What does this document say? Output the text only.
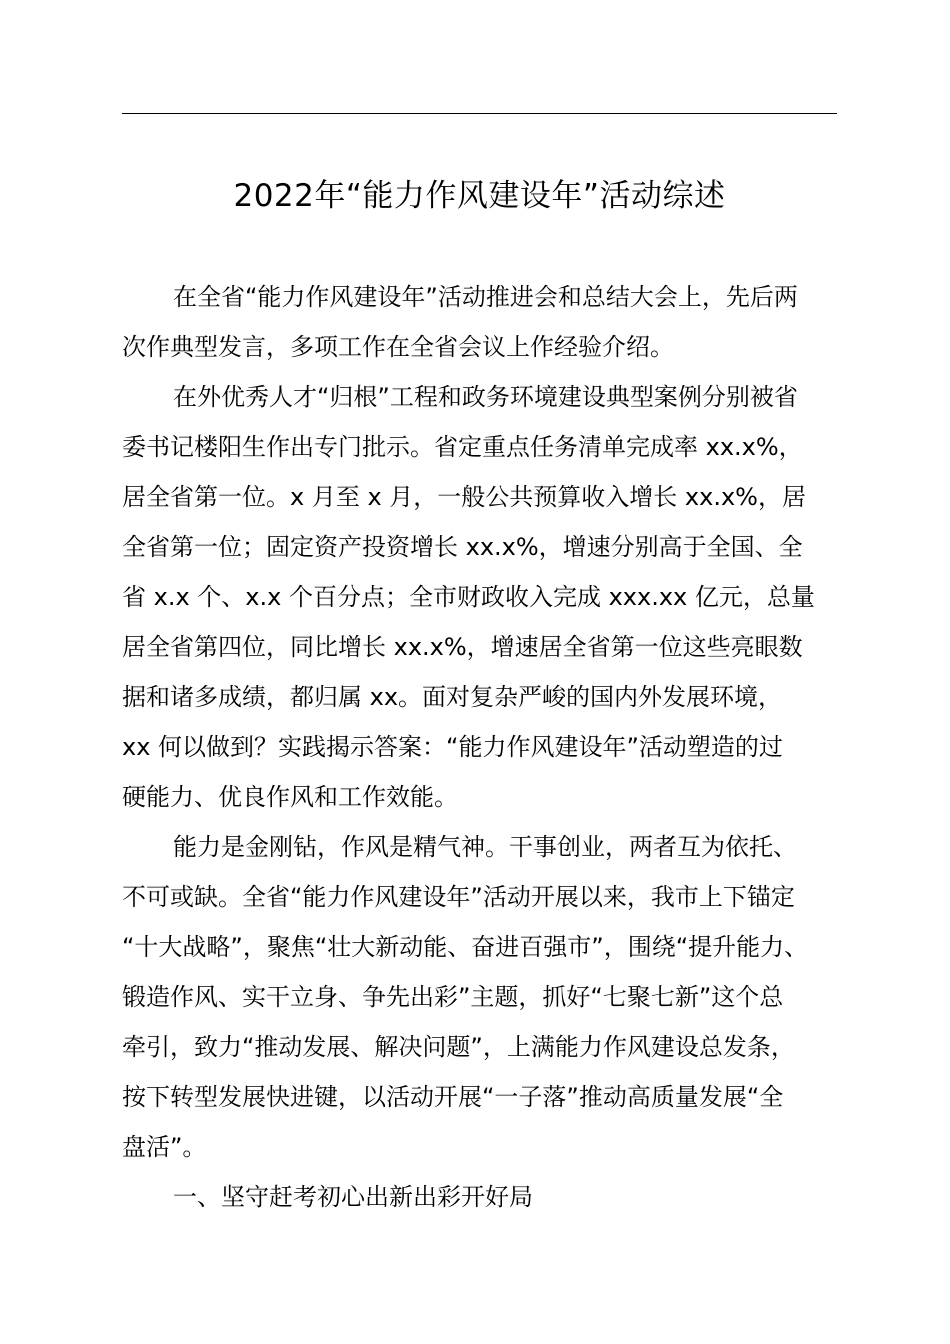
2022年“能力作风建设年”活动综述

在全省“能力作风建设年”活动推进会和总结大会上，先后两
次作典型发言，多项工作在全省会议上作经验介绍。

在外优秀人才“归根”工程和政务环境建设典型案例分别被省
委书记楼阳生作出专门批示。省定重点任务清单完成率 xx.x%，
居全省第一位。x 月至 x 月，一般公共预算收入增长 xx.x%，居
全省第一位；固定资产投资增长 xx.x%，增速分别高于全国、全
省 x.x 个、x.x 个百分点；全市财政收入完成 xxx.xx 亿元，总量
居全省第四位，同比增长 xx.x%，增速居全省第一位这些亮眼数
据和诸多成绩，都归属 xx。面对复杂严峻的国内外发展环境，
xx 何以做到？实践揭示答案：“能力作风建设年”活动塑造的过
硬能力、优良作风和工作效能。

能力是金刚钻，作风是精气神。干事创业，两者互为依托、
不可或缺。全省“能力作风建设年”活动开展以来，我市上下锚定
“十大战略”，聚焦“壮大新动能、奋进百强市”，围绕“提升能力、
锻造作风、实干立身、争先出彩”主题，抓好“七聚七新”这个总
牵引，致力“推动发展、解决问题”，上满能力作风建设总发条，
按下转型发展快进键，以活动开展“一子落”推动高质量发展“全
盘活”。

一、坚守赶考初心出新出彩开好局
